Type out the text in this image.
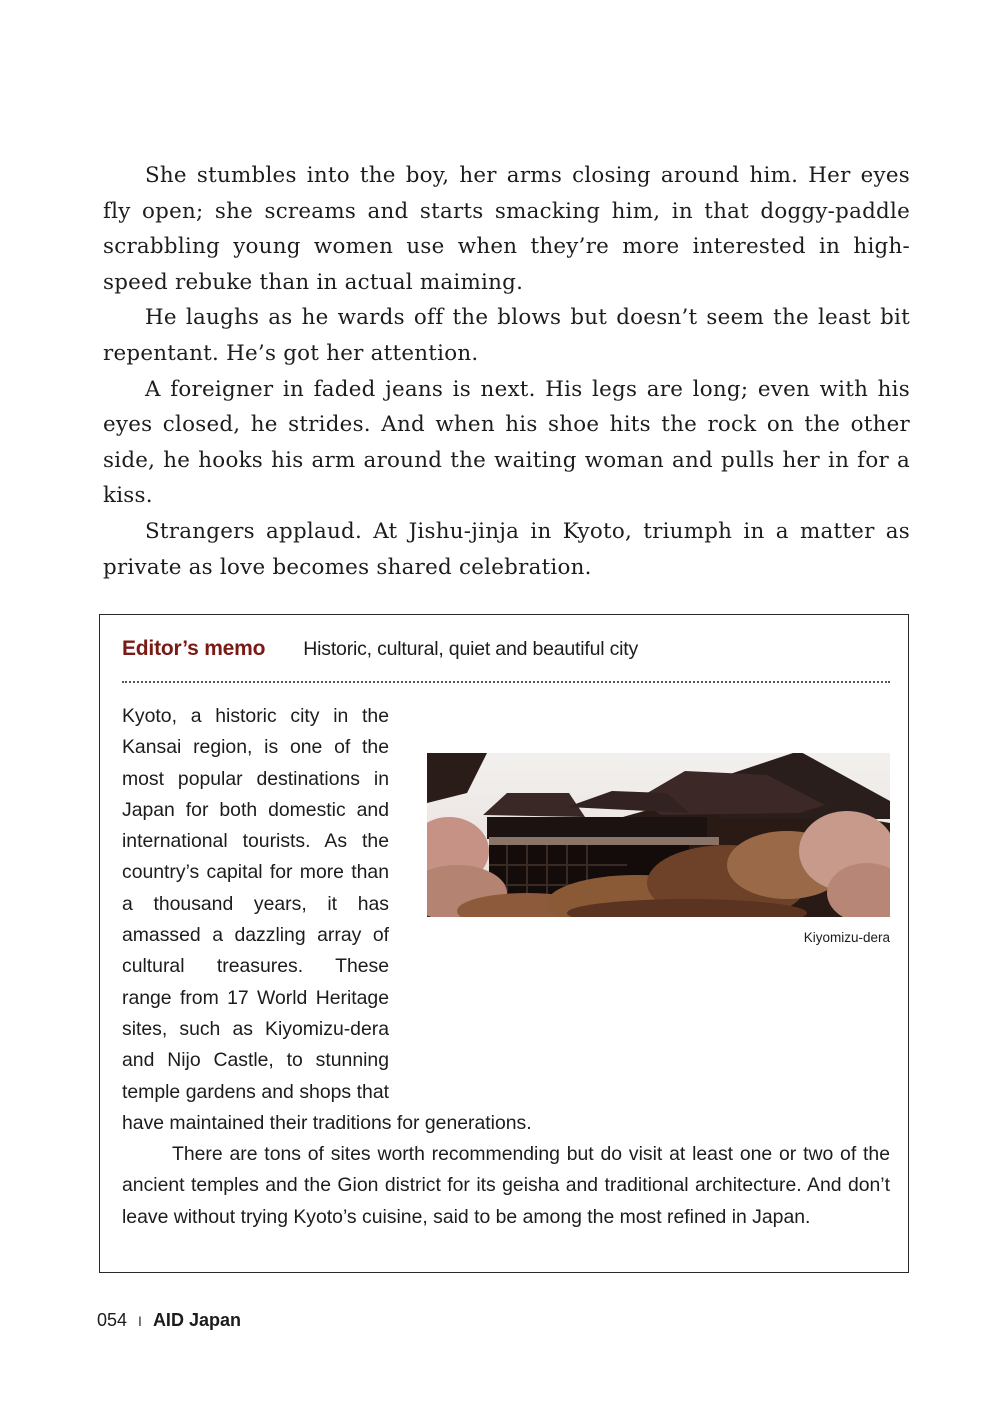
She stumbles into the boy, her arms closing around him. Her eyes fly open; she screams and starts smacking him, in that doggy-paddle scrabbling young women use when they’re more interested in high-speed rebuke than in actual maiming.

He laughs as he wards off the blows but doesn’t seem the least bit repentant. He’s got her attention.

A foreigner in faded jeans is next. His legs are long; even with his eyes closed, he strides. And when his shoe hits the rock on the other side, he hooks his arm around the waiting woman and pulls her in for a kiss.

Strangers applaud. At Jishu-jinja in Kyoto, triumph in a matter as private as love becomes shared celebration.

Editor’s memo Historic, cultural, quiet and beautiful city
Kiyomizu-dera

Kyoto, a historic city in the Kansai region, is one of the most popular destinations in Japan for both domestic and international tourists. As the country’s capital for more than a thousand years, it has amassed a dazzling array of cultural treasures. These range from 17 World Heritage sites, such as Kiyomizu-dera and Nijo Castle, to stunning temple gardens and shops that have maintained their traditions for generations.

There are tons of sites worth recommending but do visit at least one or two of the ancient temples and the Gion district for its geisha and traditional architecture. And don’t leave without trying Kyoto’s cuisine, said to be among the most refined in Japan.

054 I AID Japan
